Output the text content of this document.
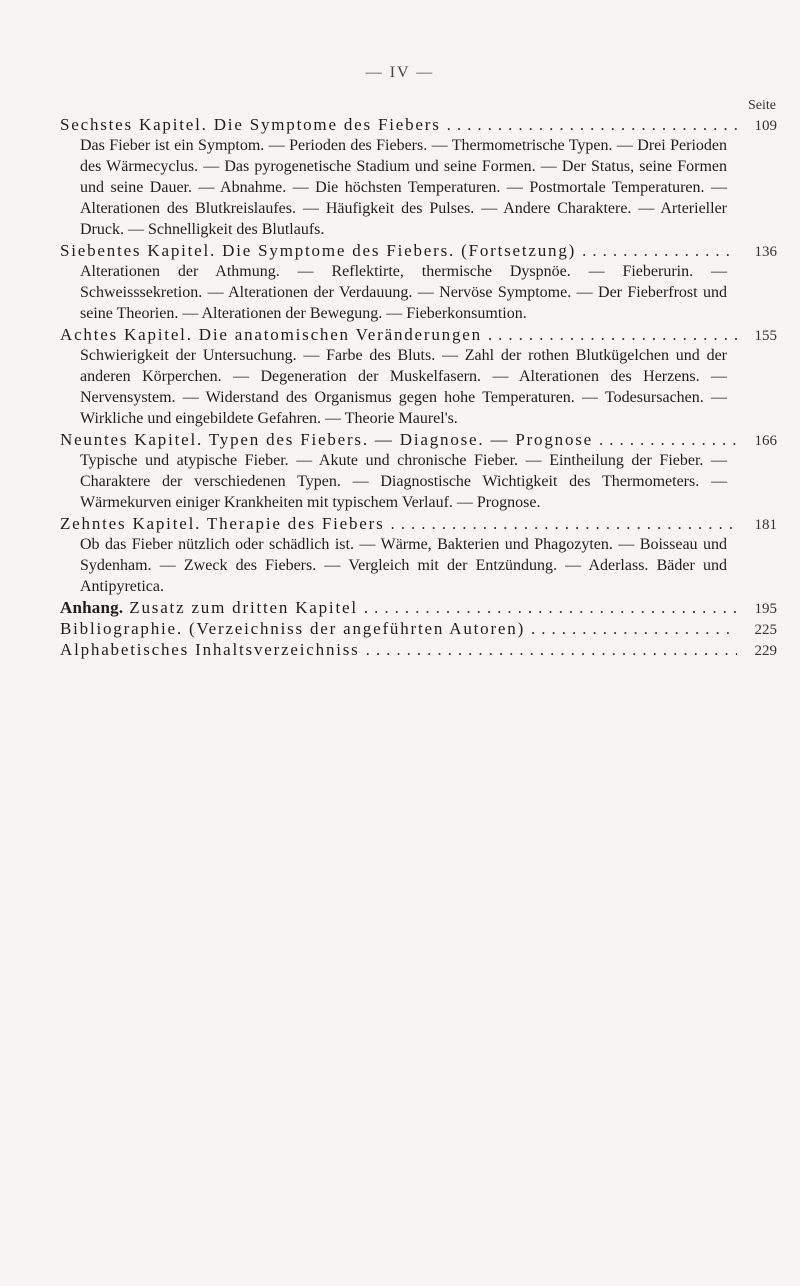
— IV —
Seite
Sechstes Kapitel. Die Symptome des Fiebers .....	109
Das Fieber ist ein Symptom. — Perioden des Fiebers. — Thermometrische Typen. — Drei Perioden des Wärmecyclus. — Das pyrogenetische Stadium und seine Formen. — Der Status, seine Formen und seine Dauer. — Abnahme. — Die höchsten Temperaturen. — Postmortale Temperaturen. — Alterationen des Blutkreislaufes. — Häufigkeit des Pulses. — Andere Charaktere. — Arterieller Druck. — Schnelligkeit des Blutlaufs.
Siebentes Kapitel. Die Symptome des Fiebers. (Fortsetzung) .....	136
Alterationen der Athmung. — Reflektirte, thermische Dyspnöe. — Fieberurin. — Schweisssekretion. — Alterationen der Verdauung. — Nervöse Symptome. — Der Fieberfrost und seine Theorien. — Alterationen der Bewegung. — Fieberkonsumtion.
Achtes Kapitel. Die anatomischen Veränderungen .....	155
Schwierigkeit der Untersuchung. — Farbe des Bluts. — Zahl der rothen Blutkügelchen und der anderen Körperchen. — Degeneration der Muskelfasern. — Alterationen des Herzens. — Nervensystem. — Widerstand des Organismus gegen hohe Temperaturen. — Todesursachen. — Wirkliche und eingebildete Gefahren. — Theorie Maurel's.
Neuntes Kapitel. Typen des Fiebers. — Diagnose. — Prognose .....	166
Typische und atypische Fieber. — Akute und chronische Fieber. — Eintheilung der Fieber. — Charaktere der verschiedenen Typen. — Diagnostische Wichtigkeit des Thermometers. — Wärmekurven einiger Krankheiten mit typischem Verlauf. — Prognose.
Zehntes Kapitel. Therapie des Fiebers .....	181
Ob das Fieber nützlich oder schädlich ist. — Wärme, Bakterien und Phagozyten. — Boisseau und Sydenham. — Zweck des Fiebers. — Vergleich mit der Entzündung. — Aderlass. Bäder und Antipyretica.
Anhang. Zusatz zum dritten Kapitel .....	195
Bibliographie. (Verzeichniss der angeführten Autoren) .....	225
Alphabetisches Inhaltsverzeichniss .....	229
